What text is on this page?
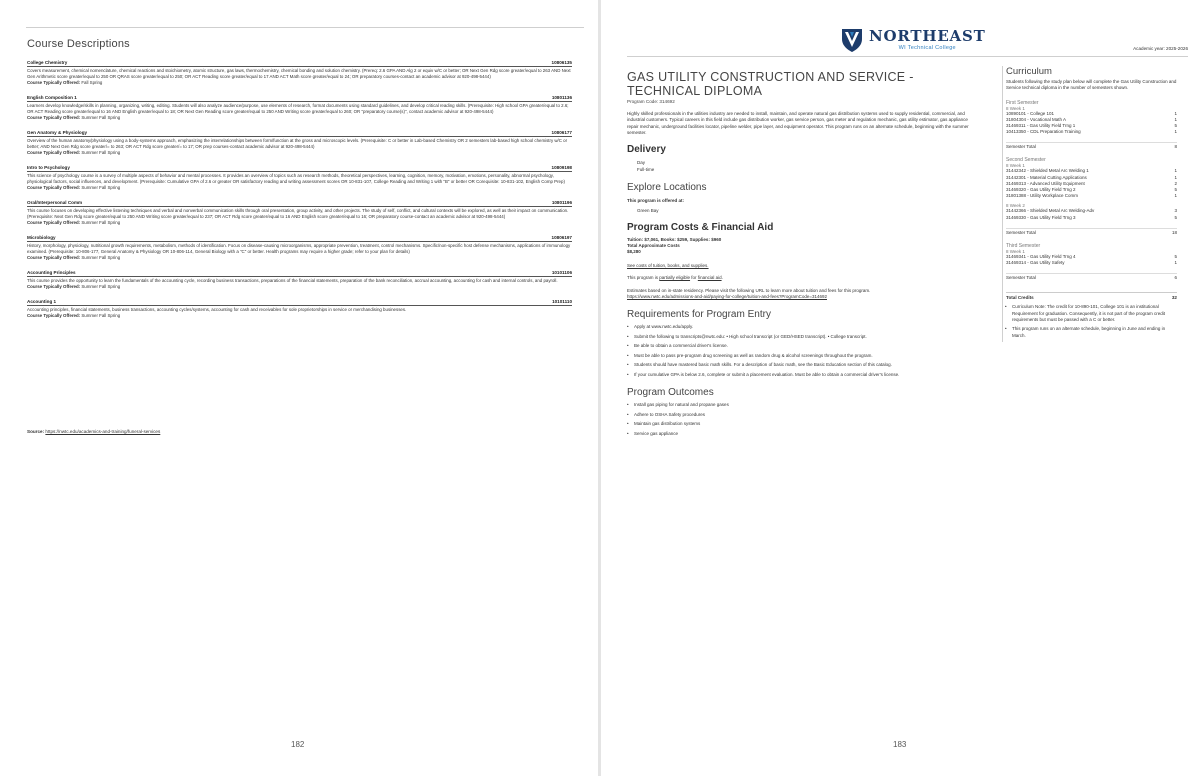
Course Descriptions
College Chemistry	10806135
Covers measurement, chemical nomenclature, chemical reactions and stoichiometry, atomic structure, gas laws, thermochemistry, chemical bonding and solution chemistry. (Prereq: 2.6 GPA AND Alg 2 or equiv w/C or better; OR Next Gen Rdg score greater/equal to 263 AND Next Gen Arithmetic score greater/equal to 250 OR QRAS score greater/equal to 250; OR ACT Reading score greater/equal to 17 AND ACT Math score greater/equal to 24; OR preparatory courses-contact an academic advisor at 920-498-5444)
Course Typically Offered: Fall Spring
English Composition 1	10801136
Learners develop knowledge/skills in planning, organizing, writing, editing. Students will also analyze audience/purpose, use elements of research, format documents using standard guidelines, and develop critical reading skills. (Prerequisite: High school GPA greater/equal to 2.6; OR ACT Reading score greater/equal to 16 AND English greater/equal to 18; OR Next Gen Reading score greater/equal to 250 AND Writing score greater/equal to 260; OR "preparatory course(s)", contact academic advisor at 920-498-5444)
Course Typically Offered: Summer Fall Spring
Gen Anatomy & Physiology	10806177
Overview of the human anatomy/physiology using a body-systems approach, emphasizing the interrelationships between form/function at the gross and microscopic levels. (Prerequisite: C or better in Lab-based Chemistry OR 2 semesters lab-based high school chemistry w/C or better; AND Next Gen Rdg score greater/= to 263; OR ACT Rdg score greater/= to 17; OR prep courses-contact academic advisor at 920-498-5444)
Course Typically Offered: Summer Fall Spring
Intro to Psychology	10809198
This science of psychology course is a survey of multiple aspects of behavior and mental processes. It provides an overview of topics such as research methods, theoretical perspectives, learning, cognition, memory, motivation, emotions, personality, abnormal psychology, physiological factors, social influences, and development. (Prerequisite: Cumulative GPA of 2.6 or greater OR satisfactory reading and writing assessment scores OR 10-831-107, College Reading and Writing 1 with "B" or better OR Corequisite: 10-831-102, English Comp Prep)
Course Typically Offered: Summer Fall Spring
Oral/Interpersonal Comm	10801196
This course focuses on developing effective listening techniques and verbal and nonverbal communication skills through oral presentation, group activity, and other projects. The study of self, conflict, and cultural contexts will be explored, as well as their impact on communication. (Prerequisite: Next Gen Rdg score greater/equal to 250 AND Writing score greater/equal to 237; OR ACT Rdg score greater/equal to 16 AND English score greater/equal to 16; OR preparatory course-contact an academic advisor at 920-498-5444)
Course Typically Offered: Summer Fall Spring
Microbiology	10806197
History, morphology, physiology, nutritional growth requirements, metabolism, methods of identification. Focus on disease-causing microorganisms, appropriate prevention, treatment, control mechanisms. Specific/non-specific host defense mechanisms, applications of immunology examined. (Prerequisite: 10-806-177, General Anatomy & Physiology OR 10-806-114, General Biology with a "C" or better. Health programs may require a higher grade; refer to your plan for details)
Course Typically Offered: Summer Fall Spring
Accounting Principles	10101106
This course provides the opportunity to learn the fundamentals of the accounting cycle, recording business transactions, preparations of the financial statements, preparation of the bank reconciliation, accrual accounting, accounting for cash and internal controls, and payroll.
Course Typically Offered: Summer Fall Spring
Accounting 1	10101110
Accounting principles, financial statements, business transactions, accounting cycles/systems, accounting for cash and receivables for sole proprietorships in service or merchandising businesses.
Course Typically Offered: Summer Fall Spring
Source: https://nwtc.edu/academics-and-training/funeral-services
182
NORTHEAST
WI Technical College	Academic year: 2025-2026
GAS UTILITY CONSTRUCTION AND SERVICE - TECHNICAL DIPLOMA
Program Code: 314692
Highly skilled professionals in the utilities industry are needed to install, maintain, and operate natural gas distribution systems used to supply residential, commercial, and industrial customers. Typical careers in this field include gas distribution worker, gas service person, gas meter and regulation mechanic, gas utility estimator, gas appliance repair mechanic, underground facilities locator, pipeline welder, pipe layer, and equipment operator. This program runs on an alternate schedule, beginning with the summer semester.
Delivery
Day
Full-time
Explore Locations
This program is offered at:
Green Bay
Program Costs & Financial Aid
Tuition: $7,061, Books: $259, Supplies: $960
Total Approximate Costs
$8,280
See costs of tuition, books, and supplies.
This program is partially eligible for financial aid.
Estimates based on in-state residency. Please visit the following URL to learn more about tuition and fees for this program.
https://www.nwtc.edu/admissions-and-aid/paying-for-college/tuition-and-fees?ProgramCode=314692
Requirements for Program Entry
• Apply at www.nwtc.edu/apply.
• Submit the following to transcripts@nwtc.edu: • High school transcript (or GED/HSED transcript). • College transcript.
• Be able to obtain a commercial driver's license.
• Must be able to pass pre-program drug screening as well as random drug & alcohol screenings throughout the program.
• Students should have mastered basic math skills. For a description of basic math, see the Basic Education section of this catalog.
• If your cumulative GPA is below 2.6, complete or submit a placement evaluation. Must be able to obtain a commercial driver's license.
Program Outcomes
• Install gas piping for natural and propane gases
• Adhere to OSHA Safety procedures
• Maintain gas distribution systems
• Service gas appliance
Curriculum
Students following the study plan below will complete the Gas Utility Construction and Service technical diploma in the number of semesters shown.
First Semester
8 Week 1
10890101 - College 101	1
31804304 - Vocational Math A	1
31469311 - Gas Utility Field Trng 1	5
10413350 - CDL Preparation Training	1
Semester Total	8
Second Semester
8 Week 1
31442342 - Shielded Metal Arc Welding 1	1
31442301 - Material Cutting Applications	1
31469313 - Advanced Utility Equipment	2
31469320 - Gas Utility Field Trng 2	5
31801388 - Utility Workplace Comm	1
8 Week 2
31442366 - Shielded Metal Arc Welding-Adv	3
31469330 - Gas Utility Field Trng 3	5
Semester Total	18
Third Semester
8 Week 1
31469341 - Gas Utility Field Trng 4	5
31469314 - Gas Utility Safety	1
Semester Total	6
Total Credits	32
• Curriculum Note: The credit for 10-890-101, College 101 is an institutional Requirement for graduation. Consequently, it is not part of the program credit requirements but must be passed with a C or better.
• This program runs on an alternate schedule, beginning in June and ending in March.
183
